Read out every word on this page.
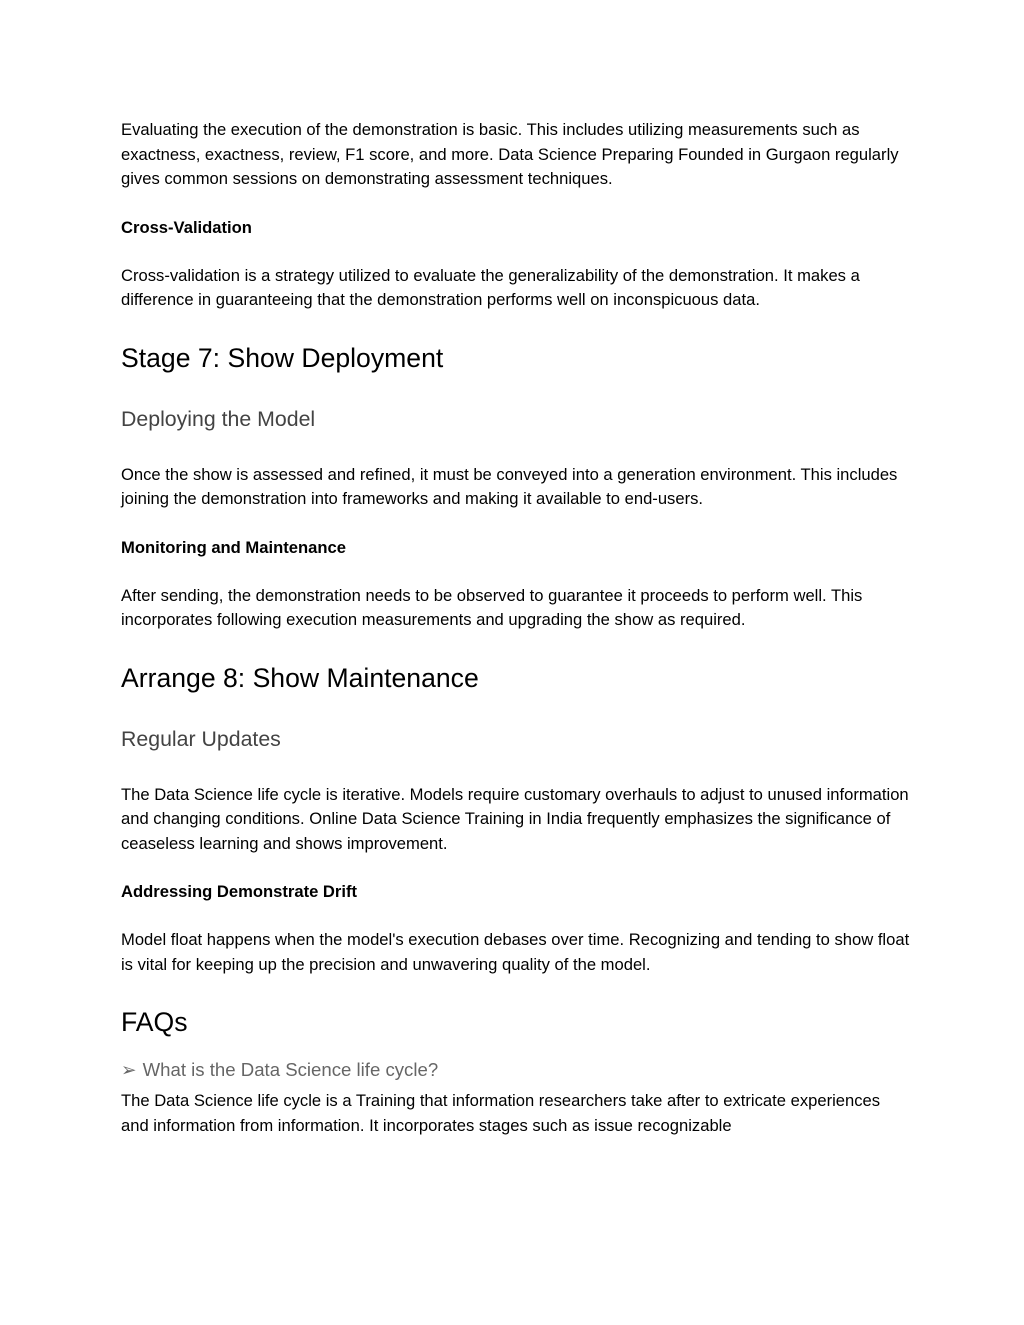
Evaluating the execution of the demonstration is basic. This includes utilizing measurements such as exactness, exactness, review, F1 score, and more. Data Science Preparing Founded in Gurgaon regularly gives common sessions on demonstrating assessment techniques.

Cross-Validation

Cross-validation is a strategy utilized to evaluate the generalizability of the demonstration. It makes a difference in guaranteeing that the demonstration performs well on inconspicuous data.

Stage 7: Show Deployment
Deploying the Model

Once the show is assessed and refined, it must be conveyed into a generation environment. This includes joining the demonstration into frameworks and making it available to end-users.

Monitoring and Maintenance

After sending, the demonstration needs to be observed to guarantee it proceeds to perform well. This incorporates following execution measurements and upgrading the show as required.

Arrange 8: Show Maintenance
Regular Updates

The Data Science life cycle is iterative. Models require customary overhauls to adjust to unused information and changing conditions. Online Data Science Training in India frequently emphasizes the significance of ceaseless learning and shows improvement.

Addressing Demonstrate Drift

Model float happens when the model's execution debases over time. Recognizing and tending to show float is vital for keeping up the precision and unwavering quality of the model.

FAQs
➢ What is the Data Science life cycle?

The Data Science life cycle is a Training that information researchers take after to extricate experiences and information from information. It incorporates stages such as issue recognizable
